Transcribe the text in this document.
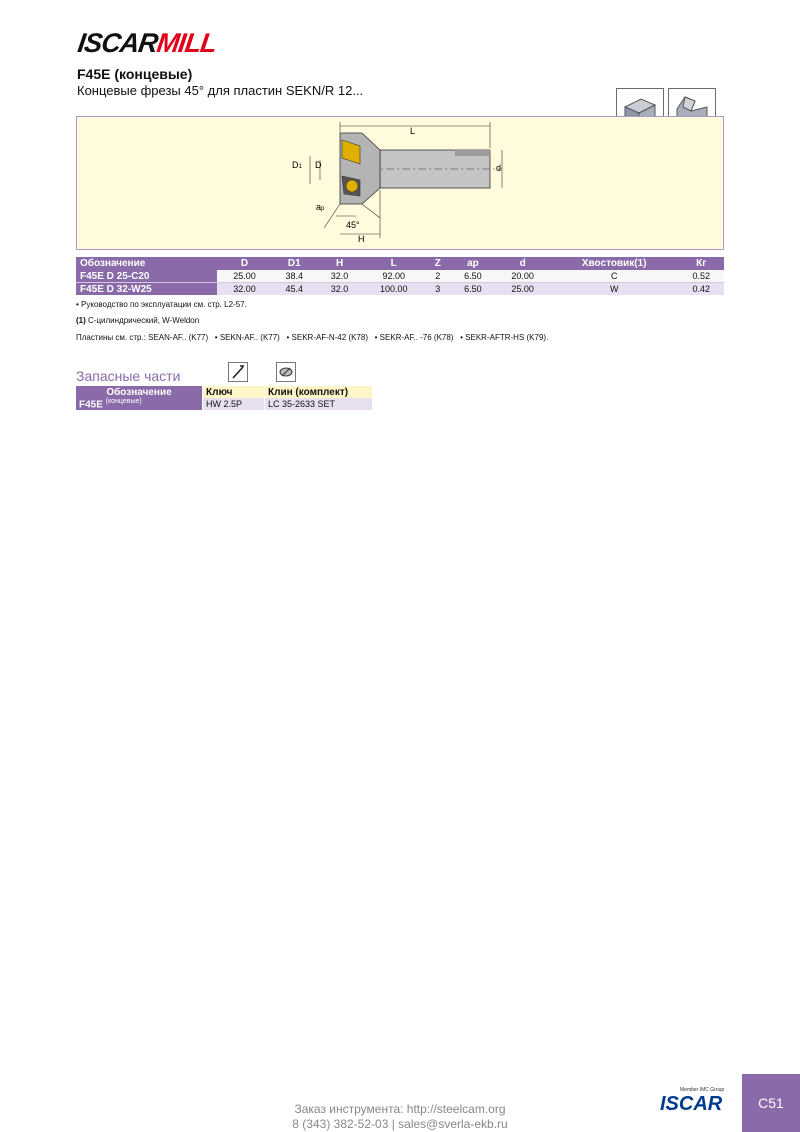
ISCARMILL
F45E (концевые)
Концевые фрезы 45° для пластин SEKN/R 12...
L
d
D1 D
ap
45°
H
Обозначение	D	D1	H	L	Z	ap	d	Хвостовик(1)	Кг
F45E D 25-C20	25.00	38.4	32.0	92.00	2	6.50	20.00	C	0.52
F45E D 32-W25	32.00	45.4	32.0	100.00	3	6.50	25.00	W	0.42
• Руководство по эксплуатации см. стр. L2-57.
(1) C-цилиндрический, W-Weldon
Пластины см. стр.: SEAN-AF.. (K77)   • SEKN-AF.. (K77)   • SEKR-AF-N-42 (K78)   • SEKR-AF.. -76 (K78)   • SEKR-AFTR-HS (K79).
Запасные части
Обозначение	Ключ	Клин (комплект)
F45E $^{(концевые)}$	HW 2.5P	LC 35-2633 SET
Заказ инструмента: http://steelcam.org
8 (343) 382-52-03 | sales@sverla-ekb.ru
Member IMC Group
ISCAR	C51
